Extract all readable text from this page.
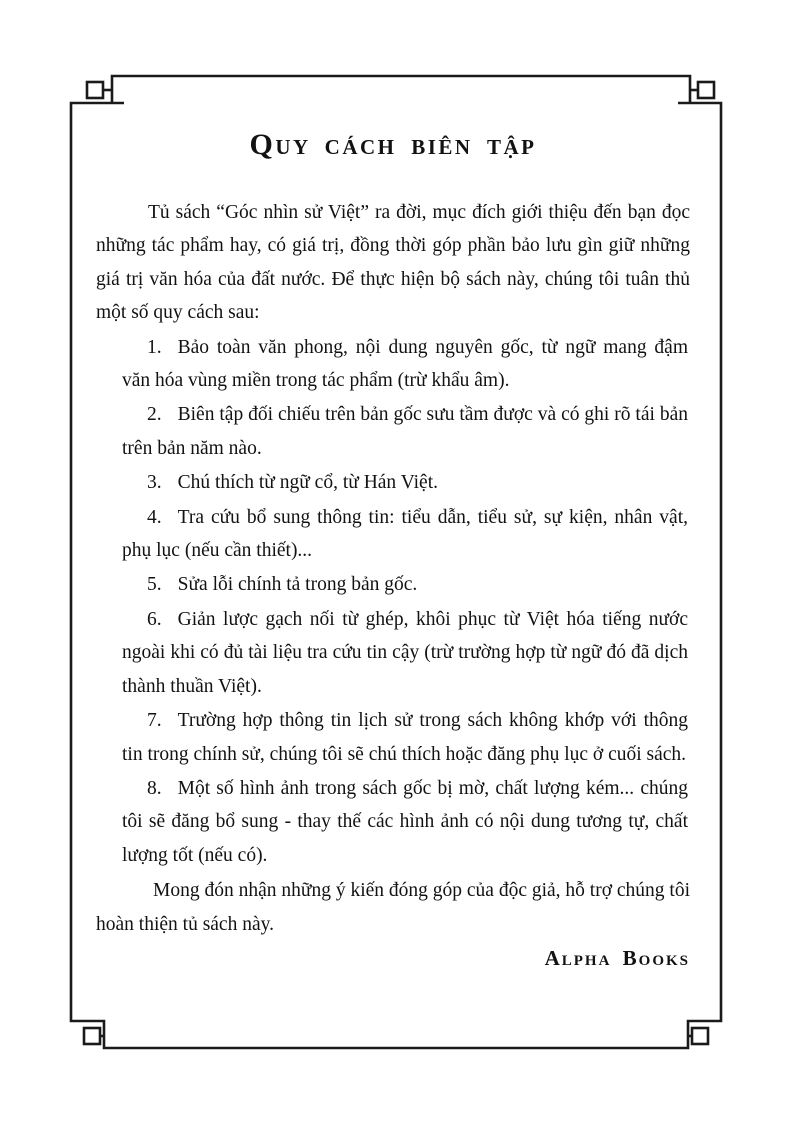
QUY CÁCH BIÊN TẬP

Tủ sách “Góc nhìn sử Việt” ra đời, mục đích giới thiệu đến bạn đọc những tác phẩm hay, có giá trị, đồng thời góp phần bảo lưu gìn giữ những giá trị văn hóa của đất nước. Để thực hiện bộ sách này, chúng tôi tuân thủ một số quy cách sau:

1. Bảo toàn văn phong, nội dung nguyên gốc, từ ngữ mang đậm văn hóa vùng miền trong tác phẩm (trừ khẩu âm).
2. Biên tập đối chiếu trên bản gốc sưu tầm được và có ghi rõ tái bản trên bản năm nào.
3. Chú thích từ ngữ cổ, từ Hán Việt.
4. Tra cứu bổ sung thông tin: tiểu dẫn, tiểu sử, sự kiện, nhân vật, phụ lục (nếu cần thiết)...
5. Sửa lỗi chính tả trong bản gốc.
6. Giản lược gạch nối từ ghép, khôi phục từ Việt hóa tiếng nước ngoài khi có đủ tài liệu tra cứu tin cậy (trừ trường hợp từ ngữ đó đã dịch thành thuần Việt).
7. Trường hợp thông tin lịch sử trong sách không khớp với thông tin trong chính sử, chúng tôi sẽ chú thích hoặc đăng phụ lục ở cuối sách.
8. Một số hình ảnh trong sách gốc bị mờ, chất lượng kém... chúng tôi sẽ đăng bổ sung - thay thế các hình ảnh có nội dung tương tự, chất lượng tốt (nếu có).

Mong đón nhận những ý kiến đóng góp của độc giả, hỗ trợ chúng tôi hoàn thiện tủ sách này.

Alpha Books
